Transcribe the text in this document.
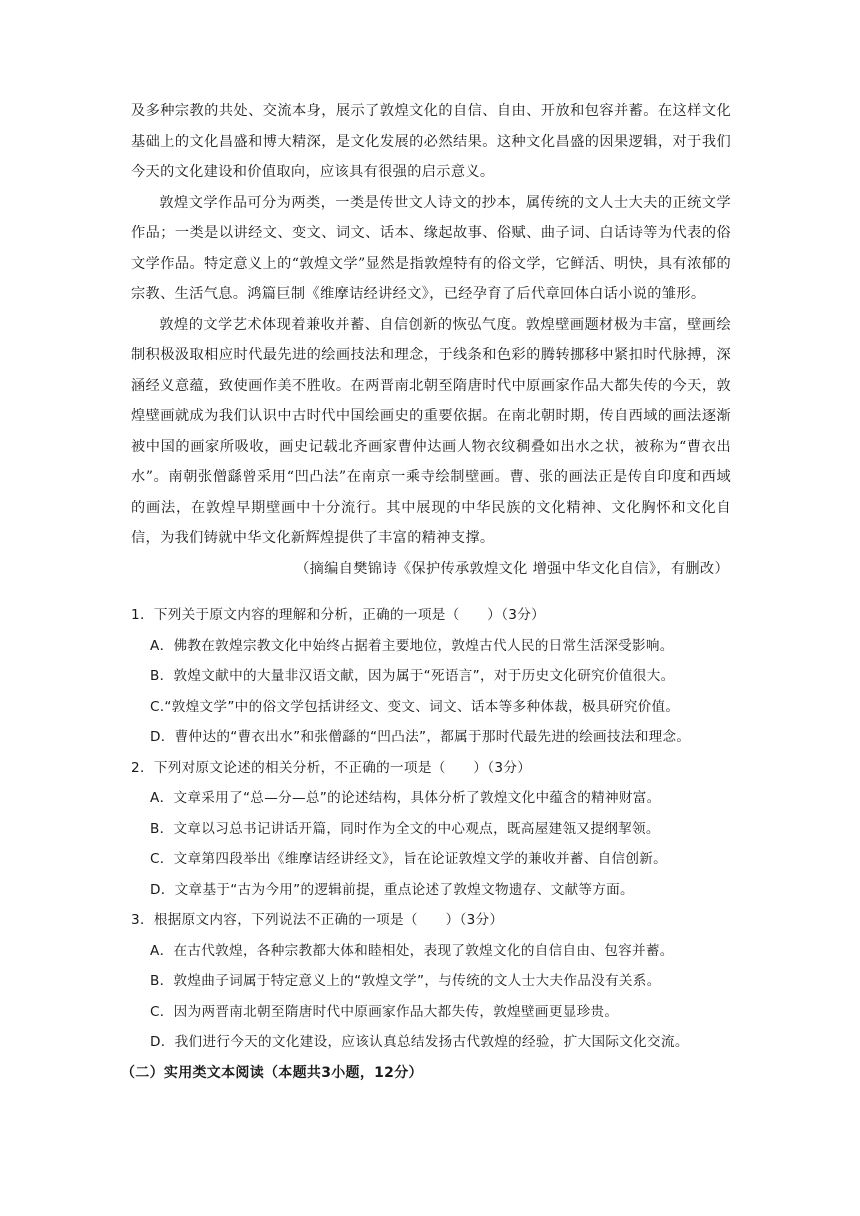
及多种宗教的共处、交流本身，展示了敦煌文化的自信、自由、开放和包容并蓄。在这样文化基础上的文化昌盛和博大精深，是文化发展的必然结果。这种文化昌盛的因果逻辑，对于我们今天的文化建设和价值取向，应该具有很强的启示意义。

敦煌文学作品可分为两类，一类是传世文人诗文的抄本，属传统的文人士大夫的正统文学作品；一类是以讲经文、变文、词文、话本、缘起故事、俗赋、曲子词、白话诗等为代表的俗文学作品。特定意义上的“敦煌文学”显然是指敦煌特有的俗文学，它鲜活、明快，具有浓郁的宗教、生活气息。鸿篇巨制《维摩诘经讲经文》，已经孕育了后代章回体白话小说的雏形。

敦煌的文学艺术体现着兼收并蓄、自信创新的恢弘气度。敦煌壁画题材极为丰富，壁画绘制积极汲取相应时代最先进的绘画技法和理念，于线条和色彩的腾转挪移中紧扣时代脉搏，深涵经义意蕴，致使画作美不胜收。在两晋南北朝至隋唐时代中原画家作品大都失传的今天，敦煌壁画就成为我们认识中古时代中国绘画史的重要依据。在南北朝时期，传自西域的画法逐渐被中国的画家所吸收，画史记载北齐画家曹仲达画人物衣纹稠叠如出水之状，被称为“曹衣出水”。南朝张僧繇曾采用“凹凸法”在南京一乘寺绘制壁画。曹、张的画法正是传自印度和西域的画法，在敦煌早期壁画中十分流行。其中展现的中华民族的文化精神、文化胸怀和文化自信，为我们铸就中华文化新辉煌提供了丰富的精神支撑。

（摘编自樊锦诗《保护传承敦煌文化 增强中华文化自信》，有删改）

1．下列关于原文内容的理解和分析，正确的一项是（　　）（3分）

A．佛教在敦煌宗教文化中始终占据着主要地位，敦煌古代人民的日常生活深受影响。

B．敦煌文献中的大量非汉语文献，因为属于“死语言”，对于历史文化研究价值很大。

C.“敦煌文学”中的俗文学包括讲经文、变文、词文、话本等多种体裁，极具研究价值。

D．曹仲达的“曹衣出水”和张僧繇的“凹凸法”，都属于那时代最先进的绘画技法和理念。

2．下列对原文论述的相关分析，不正确的一项是（　　）（3分）

A．文章采用了“总—分—总”的论述结构，具体分析了敦煌文化中蕴含的精神财富。

B．文章以习总书记讲话开篇，同时作为全文的中心观点，既高屋建瓴又提纲挈领。

C．文章第四段举出《维摩诘经讲经文》，旨在论证敦煌文学的兼收并蓄、自信创新。

D．文章基于“古为今用”的逻辑前提，重点论述了敦煌文物遗存、文献等方面。

3．根据原文内容，下列说法不正确的一项是（　　）（3分）

A．在古代敦煌，各种宗教都大体和睦相处，表现了敦煌文化的自信自由、包容并蓄。

B．敦煌曲子词属于特定意义上的“敦煌文学”，与传统的文人士大夫作品没有关系。

C．因为两晋南北朝至隋唐时代中原画家作品大都失传，敦煌壁画更显珍贵。

D．我们进行今天的文化建设，应该认真总结发扬古代敦煌的经验，扩大国际文化交流。

（二）实用类文本阅读（本题共3小题，12分）
